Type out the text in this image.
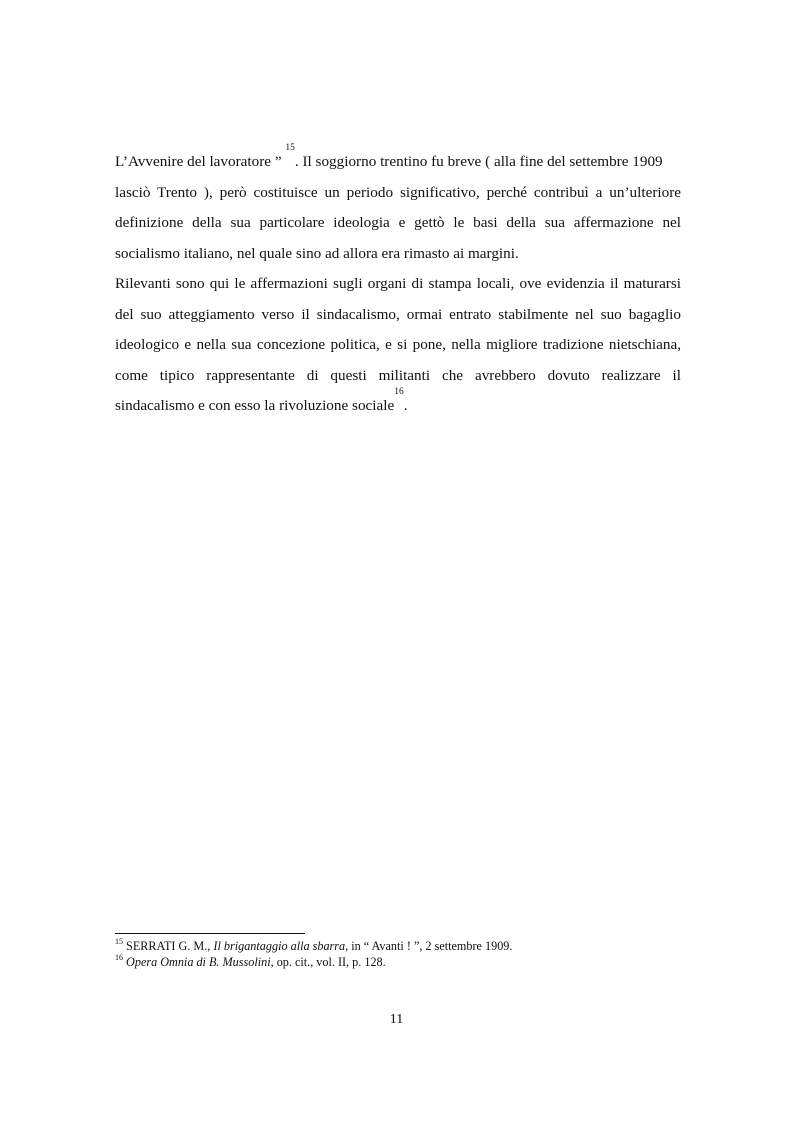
L’Avvenire del lavoratore ” $^{15}$. Il soggiorno trentino fu breve ( alla fine del settembre 1909
lasciò Trento ), però costituisce un periodo significativo, perché contribuì a un’ulteriore
definizione della sua particolare ideologia e gettò le basi della sua affermazione nel
socialismo italiano, nel quale sino ad allora era rimasto ai margini.
Rilevanti sono qui le affermazioni sugli organi di stampa locali, ove evidenzia il maturarsi
del suo atteggiamento verso il sindacalismo, ormai entrato stabilmente nel suo bagaglio
ideologico e nella sua concezione politica, e si pone, nella migliore tradizione nietschiana,
come tipico rappresentante di questi militanti che avrebbero dovuto realizzare il
sindacalismo e con esso la rivoluzione sociale$^{16}$.
$^{15}$ SERRATI G. M., Il brigantaggio alla sbarra, in “ Avanti ! ”, 2 settembre 1909.
$^{16}$ Opera Omnia di B. Mussolini, op. cit., vol. II, p. 128.
11
